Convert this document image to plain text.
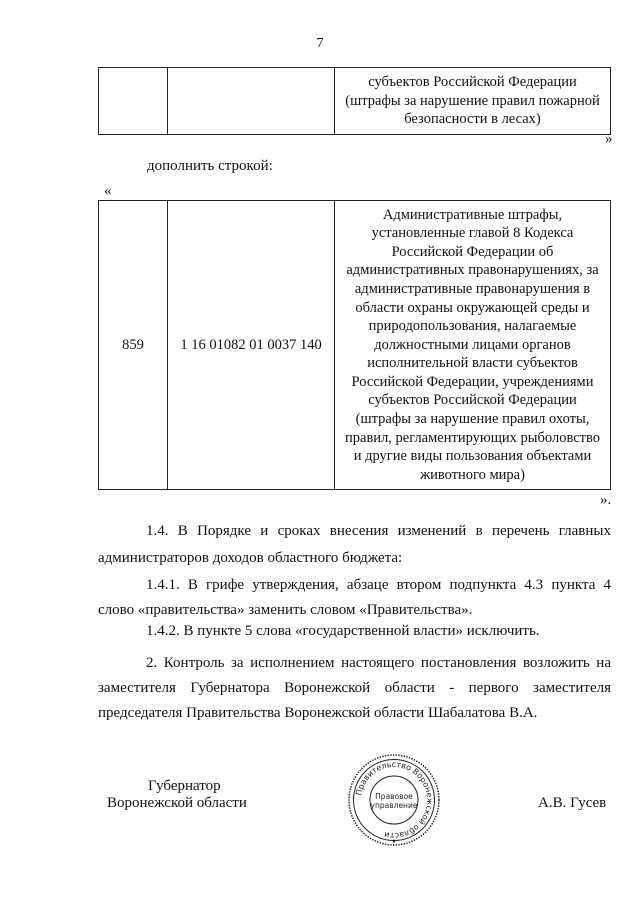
7
		субъектов Российской Федерации (штрафы за нарушение правил пожарной безопасности в лесах)
»
дополнить строкой:
«
859	1 16 01082 01 0037 140	Административные штрафы, установленные главой 8 Кодекса Российской Федерации об административных правонарушениях, за административные правонарушения в области охраны окружающей среды и природопользования, налагаемые должностными лицами органов исполнительной власти субъектов Российской Федерации, учреждениями субъектов Российской Федерации (штрафы за нарушение правил охоты, правил, регламентирующих рыболовство и другие виды пользования объектами животного мира)
».
1.4. В Порядке и сроках внесения изменений в перечень главных администраторов доходов областного бюджета:
1.4.1. В грифе утверждения, абзаце втором подпункта 4.3 пункта 4 слово «правительства» заменить словом «Правительства».
1.4.2. В пункте 5 слова «государственной власти» исключить.
2. Контроль за исполнением настоящего постановления возложить на заместителя Губернатора Воронежской области - первого заместителя председателя Правительства Воронежской области Шабалатова В.А.
Губернатор
Воронежской области	А.В. Гусев
Правительство Воронежской области
Правовое
управление
★
